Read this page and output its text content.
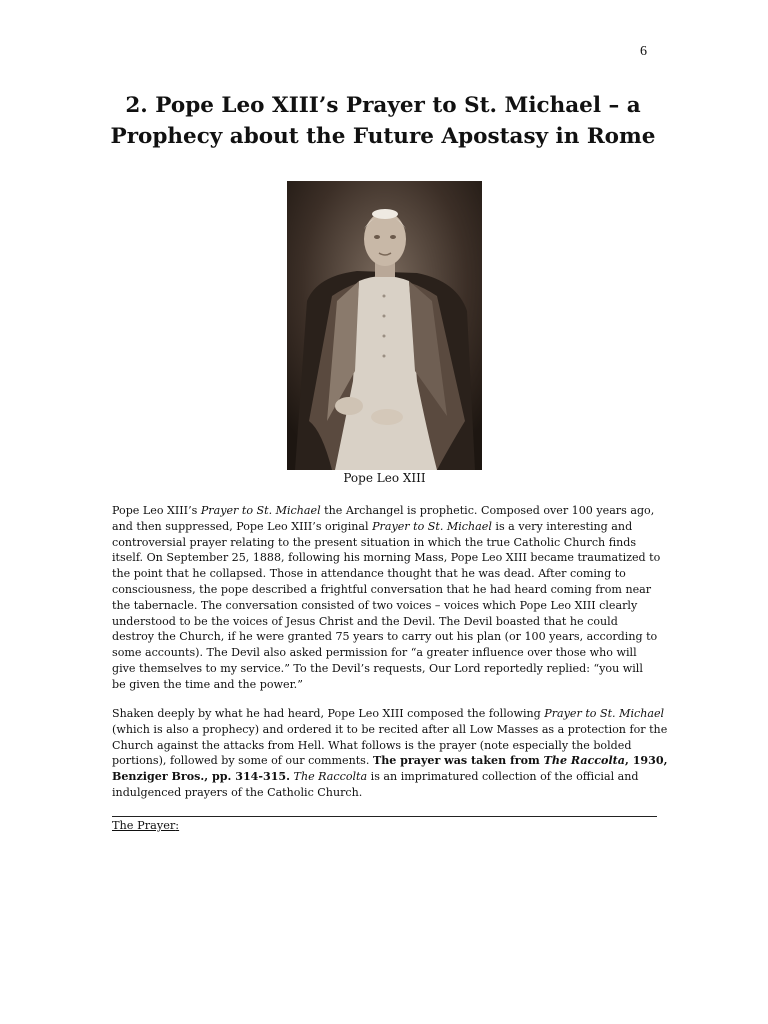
6
2. Pope Leo XIII’s Prayer to St. Michael – a
Prophecy about the Future Apostasy in Rome
Pope Leo XIII
Pope Leo XIII’s Prayer to St. Michael the Archangel is prophetic. Composed over 100 years ago,
and then suppressed, Pope Leo XIII’s original Prayer to St. Michael is a very interesting and
controversial prayer relating to the present situation in which the true Catholic Church finds
itself. On September 25, 1888, following his morning Mass, Pope Leo XIII became traumatized to
the point that he collapsed. Those in attendance thought that he was dead. After coming to
consciousness, the pope described a frightful conversation that he had heard coming from near
the tabernacle. The conversation consisted of two voices – voices which Pope Leo XIII clearly
understood to be the voices of Jesus Christ and the Devil. The Devil boasted that he could
destroy the Church, if he were granted 75 years to carry out his plan (or 100 years, according to
some accounts). The Devil also asked permission for “a greater influence over those who will
give themselves to my service.” To the Devil’s requests, Our Lord reportedly replied: “you will
be given the time and the power.”
Shaken deeply by what he had heard, Pope Leo XIII composed the following Prayer to St. Michael
(which is also a prophecy) and ordered it to be recited after all Low Masses as a protection for the
Church against the attacks from Hell. What follows is the prayer (note especially the bolded
portions), followed by some of our comments. The prayer was taken from The Raccolta, 1930,
Benziger Bros., pp. 314-315. The Raccolta is an imprimatured collection of the official and
indulgenced prayers of the Catholic Church.
The Prayer:
